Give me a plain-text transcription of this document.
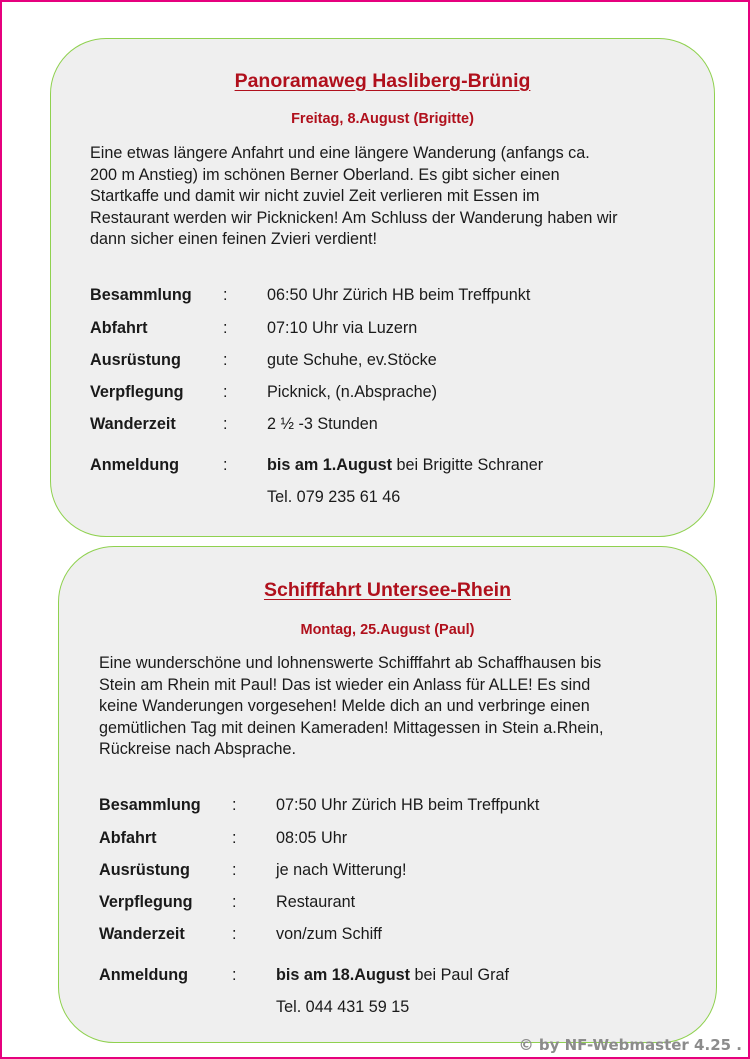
Panoramaweg Hasliberg-Brünig
Freitag, 8.August (Brigitte)
Eine etwas längere Anfahrt und eine längere Wanderung (anfangs ca.
200 m Anstieg) im schönen Berner Oberland. Es gibt sicher einen
Startkaffe und damit wir nicht zuviel Zeit verlieren mit Essen im
Restaurant werden wir Picknicken! Am Schluss der Wanderung haben wir
dann sicher einen feinen Zvieri verdient!
Besammlung : 06:50 Uhr Zürich HB beim Treffpunkt
Abfahrt	: 07:10 Uhr via Luzern
Ausrüstung	: gute Schuhe, ev.Stöcke
Verpflegung : Picknick, (n.Absprache)
Wanderzeit	: 2 ½ -3 Stunden
Anmeldung	: bis am 1.August bei Brigitte Schraner
Tel. 079 235 61 46
Schifffahrt Untersee-Rhein
Montag, 25.August (Paul)
Eine wunderschöne und lohnenswerte Schifffahrt ab Schaffhausen bis
Stein am Rhein mit Paul! Das ist wieder ein Anlass für ALLE! Es sind
keine Wanderungen vorgesehen! Melde dich an und verbringe einen
gemütlichen Tag mit deinen Kameraden! Mittagessen in Stein a.Rhein,
Rückreise nach Absprache.
Besammlung : 07:50 Uhr Zürich HB beim Treffpunkt
Abfahrt	: 08:05 Uhr
Ausrüstung	: je nach Witterung!
Verpflegung : Restaurant
Wanderzeit	: von/zum Schiff
Anmeldung	: bis am 18.August bei Paul Graf
Tel. 044 431 59 15
© by NF-Webmaster 4.25 .
